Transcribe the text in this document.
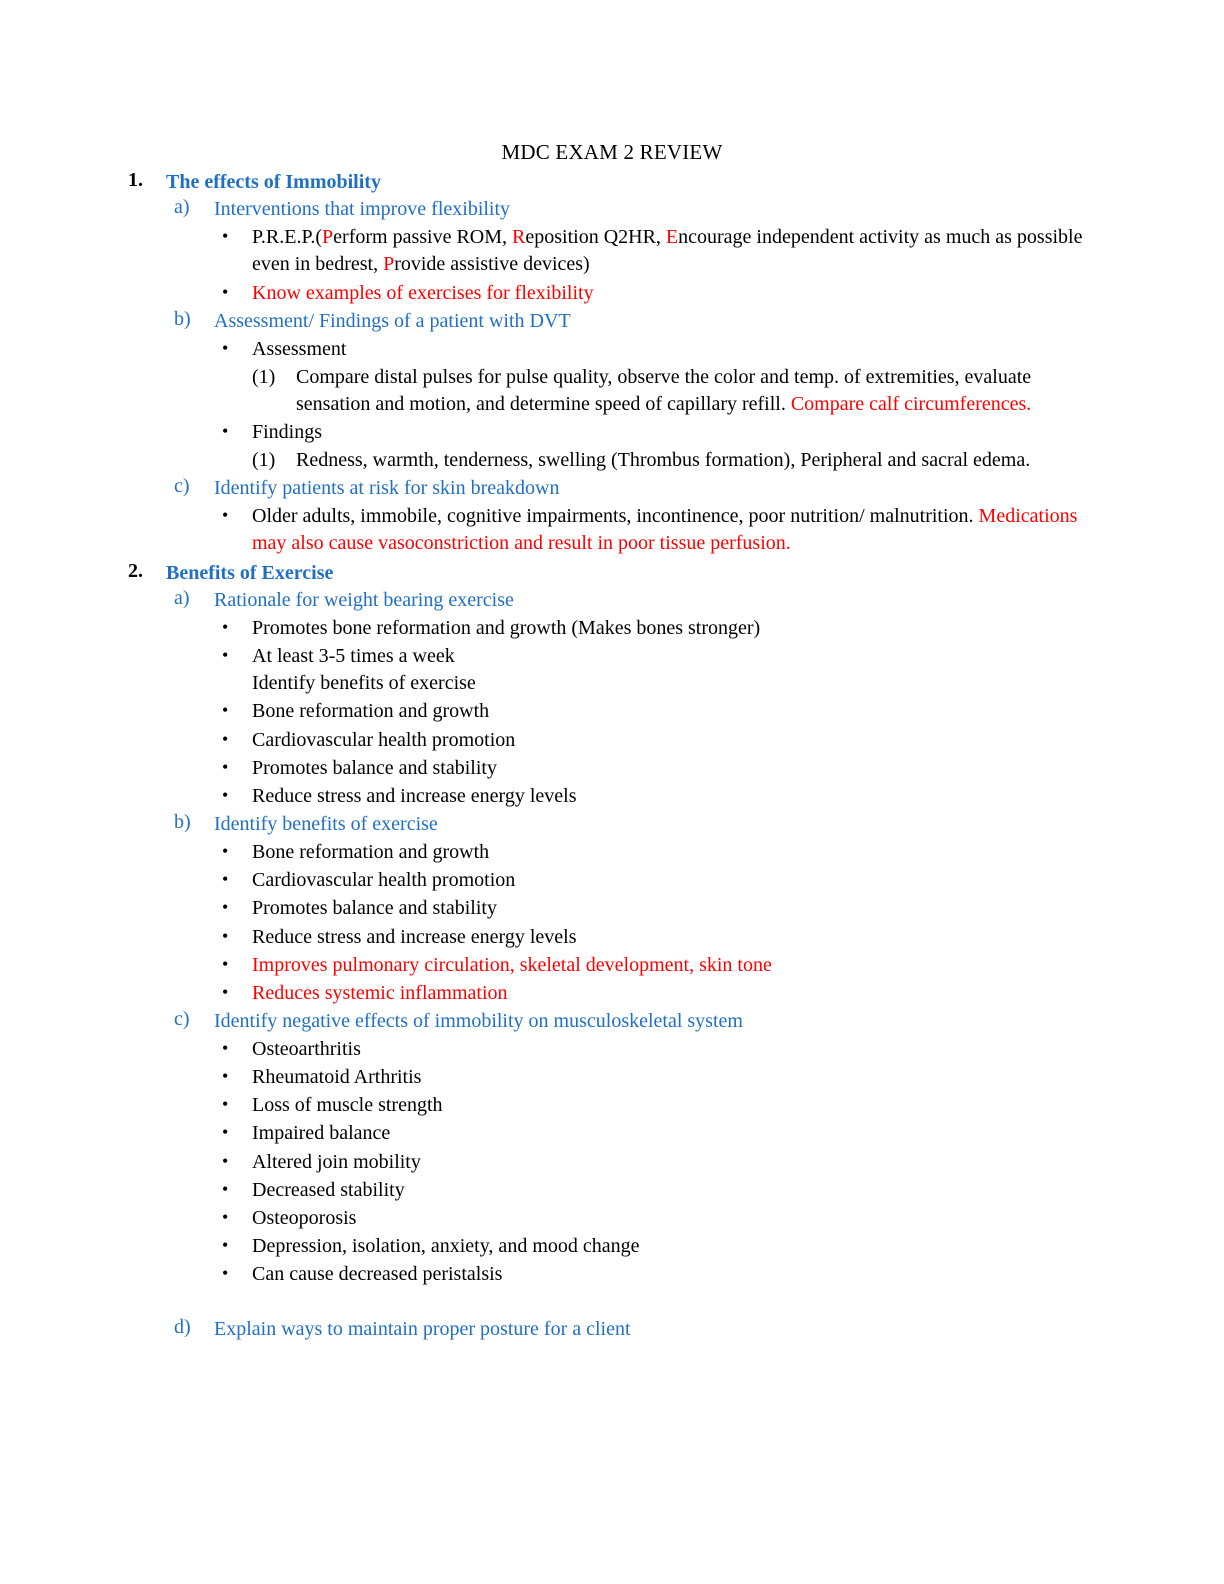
MDC EXAM 2 REVIEW
1. The effects of Immobility
a) Interventions that improve flexibility
• P.R.E.P.(Perform passive ROM, Reposition Q2HR, Encourage independent activity as much as possible even in bedrest, Provide assistive devices)
• Know examples of exercises for flexibility
b) Assessment/ Findings of a patient with DVT
• Assessment
(1) Compare distal pulses for pulse quality, observe the color and temp. of extremities, evaluate sensation and motion, and determine speed of capillary refill. Compare calf circumferences.
• Findings
(1) Redness, warmth, tenderness, swelling (Thrombus formation), Peripheral and sacral edema.
c) Identify patients at risk for skin breakdown
• Older adults, immobile, cognitive impairments, incontinence, poor nutrition/ malnutrition. Medications may also cause vasoconstriction and result in poor tissue perfusion.
2. Benefits of Exercise
a) Rationale for weight bearing exercise
• Promotes bone reformation and growth (Makes bones stronger)
• At least 3-5 times a week
Identify benefits of exercise
• Bone reformation and growth
• Cardiovascular health promotion
• Promotes balance and stability
• Reduce stress and increase energy levels
b) Identify benefits of exercise
• Bone reformation and growth
• Cardiovascular health promotion
• Promotes balance and stability
• Reduce stress and increase energy levels
• Improves pulmonary circulation, skeletal development, skin tone
• Reduces systemic inflammation
c) Identify negative effects of immobility on musculoskeletal system
• Osteoarthritis
• Rheumatoid Arthritis
• Loss of muscle strength
• Impaired balance
• Altered join mobility
• Decreased stability
• Osteoporosis
• Depression, isolation, anxiety, and mood change
• Can cause decreased peristalsis
d) Explain ways to maintain proper posture for a client
